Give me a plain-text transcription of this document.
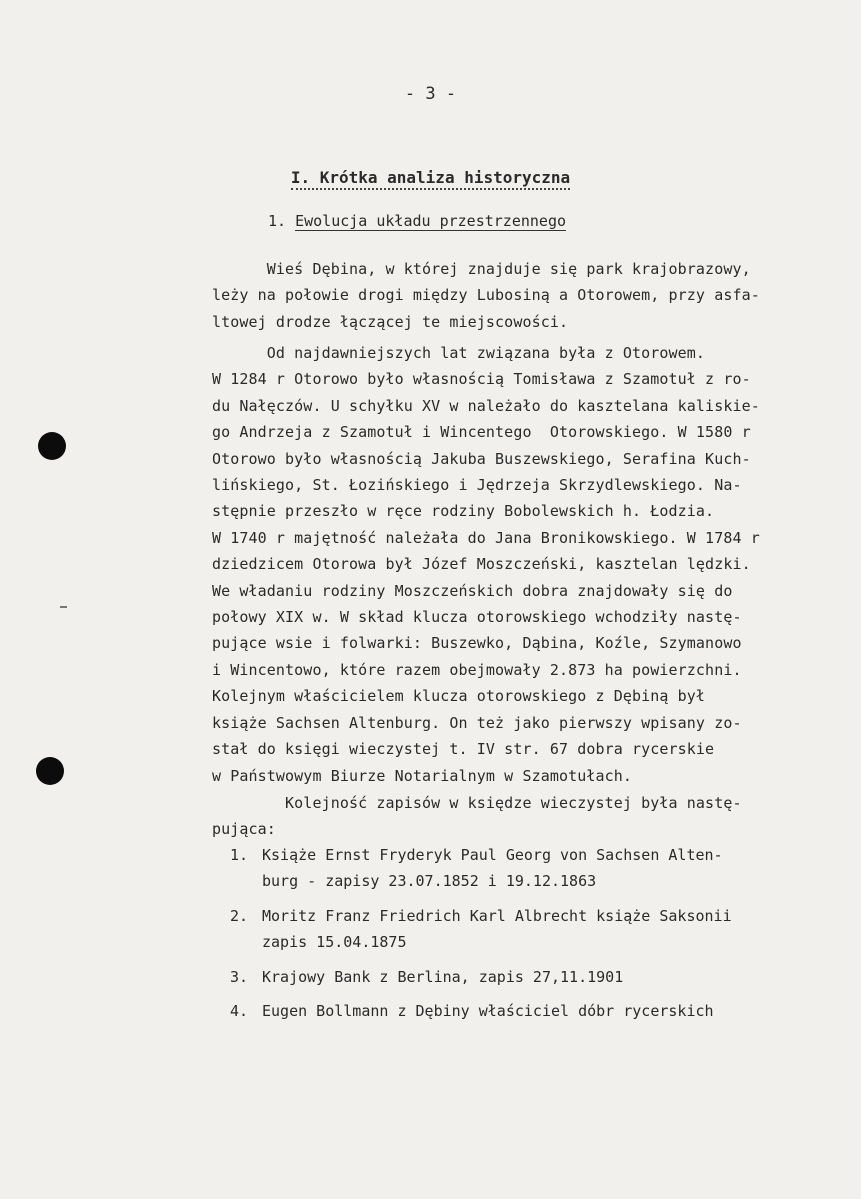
- 3 -
I. Krótka analiza historyczna
1. Ewolucja układu przestrzennego

Wieś Dębina, w której znajduje się park krajobrazowy,
leży na połowie drogi między Lubosiną a Otorowem, przy asfa-
ltowej drodze łączącej te miejscowości.

Od najdawniejszych lat związana była z Otorowem.
W 1284 r Otorowo było własnością Tomisława z Szamotuł z ro-
du Nałęczów. U schyłku XV w należało do kasztelana kaliskie-
go Andrzeja z Szamotuł i Wincentego  Otorowskiego. W 1580 r
Otorowo było własnością Jakuba Buszewskiego, Serafina Kuch-
lińskiego, St. Łozińskiego i Jędrzeja Skrzydlewskiego. Na-
stępnie przeszło w ręce rodziny Bobolewskich h. Łodzia.
W 1740 r majętność należała do Jana Bronikowskiego. W 1784 r
dziedzicem Otorowa był Józef Moszczeński, kasztelan lędzki.
We władaniu rodziny Moszczeńskich dobra znajdowały się do
połowy XIX w. W skład klucza otorowskiego wchodziły nastę-
pujące wsie i folwarki: Buszewko, Dąbina, Koźle, Szymanowo
i Wincentowo, które razem obejmowały 2.873 ha powierzchni.
Kolejnym właścicielem klucza otorowskiego z Dębiną był
książe Sachsen Altenburg. On też jako pierwszy wpisany zo-
stał do księgi wieczystej t. IV str. 67 dobra rycerskie
w Państwowym Biurze Notarialnym w Szamotułach.

Kolejność zapisów w księdze wieczystej była nastę-
pująca:

1. Książe Ernst Fryderyk Paul Georg von Sachsen Alten-
burg - zapisy 23.07.1852 i 19.12.1863
2. Moritz Franz Friedrich Karl Albrecht książe Saksonii
zapis 15.04.1875
3. Krajowy Bank z Berlina, zapis 27,11.1901
4. Eugen Bollmann z Dębiny właściciel dóbr rycerskich
